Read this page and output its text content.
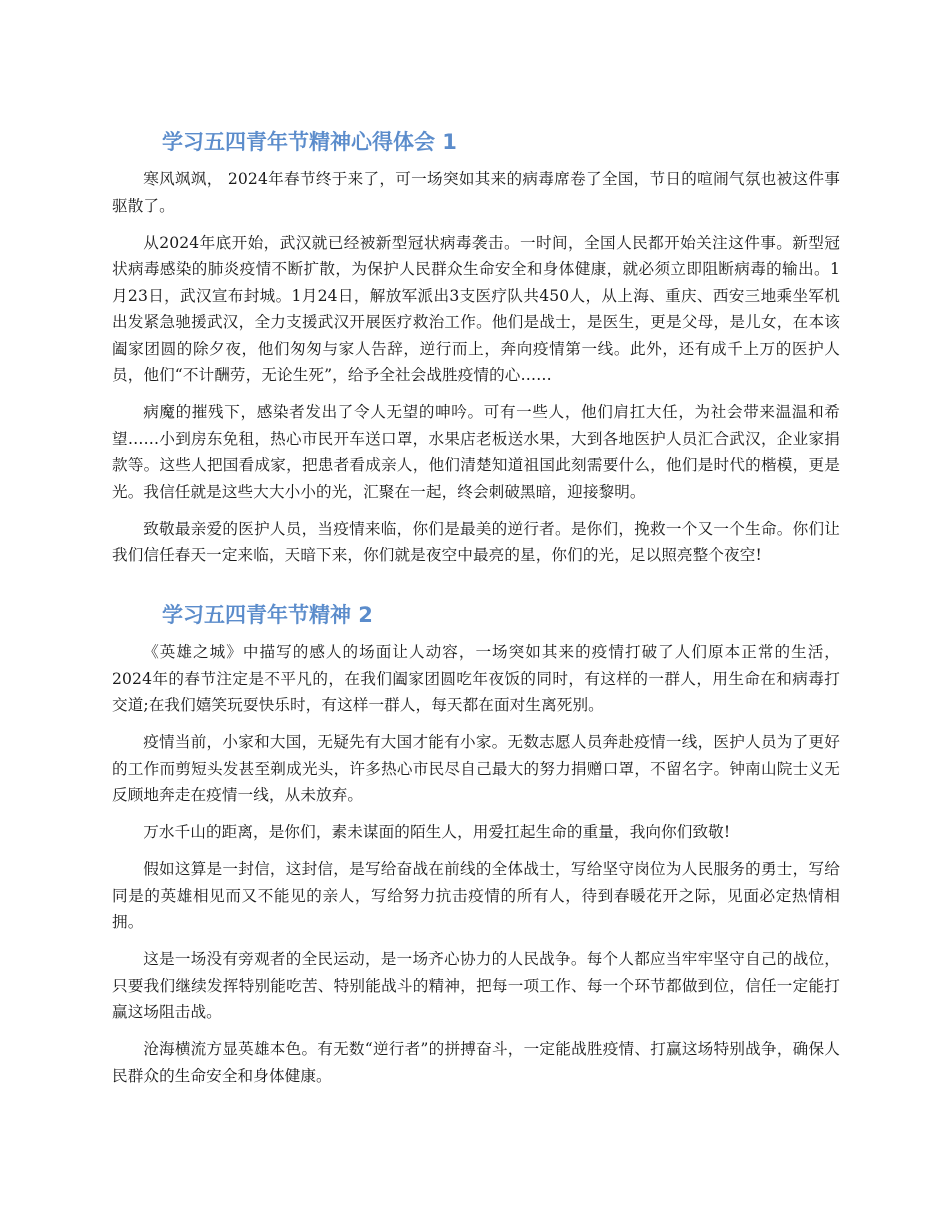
学习五四青年节精神心得体会 1

寒风飒飒， 2024年春节终于来了，可一场突如其来的病毒席卷了全国，节日的喧闹气氛也被这件事驱散了。

从2024年底开始，武汉就已经被新型冠状病毒袭击。一时间，全国人民都开始关注这件事。新型冠状病毒感染的肺炎疫情不断扩散，为保护人民群众生命安全和身体健康，就必须立即阻断病毒的输出。1月23日，武汉宣布封城。1月24日，解放军派出3支医疗队共450人，从上海、重庆、西安三地乘坐军机出发紧急驰援武汉，全力支援武汉开展医疗救治工作。他们是战士，是医生，更是父母，是儿女，在本该阖家团圆的除夕夜，他们匆匆与家人告辞，逆行而上，奔向疫情第一线。此外，还有成千上万的医护人员，他们“不计酬劳，无论生死”，给予全社会战胜疫情的心……

病魔的摧残下，感染者发出了令人无望的呻吟。可有一些人，他们肩扛大任，为社会带来温温和希望……小到房东免租，热心市民开车送口罩，水果店老板送水果，大到各地医护人员汇合武汉，企业家捐款等。这些人把国看成家，把患者看成亲人，他们清楚知道祖国此刻需要什么，他们是时代的楷模，更是光。我信任就是这些大大小小的光，汇聚在一起，终会刺破黑暗，迎接黎明。

致敬最亲爱的医护人员，当疫情来临，你们是最美的逆行者。是你们，挽救一个又一个生命。你们让我们信任春天一定来临，天暗下来，你们就是夜空中最亮的星，你们的光，足以照亮整个夜空!

学习五四青年节精神 2

《英雄之城》中描写的感人的场面让人动容，一场突如其来的疫情打破了人们原本正常的生活，2024年的春节注定是不平凡的，在我们阖家团圆吃年夜饭的同时，有这样的一群人，用生命在和病毒打交道;在我们嬉笑玩耍快乐时，有这样一群人，每天都在面对生离死别。

疫情当前，小家和大国，无疑先有大国才能有小家。无数志愿人员奔赴疫情一线，医护人员为了更好的工作而剪短头发甚至剃成光头，许多热心市民尽自己最大的努力捐赠口罩，不留名字。钟南山院士义无反顾地奔走在疫情一线，从未放弃。

万水千山的距离，是你们，素未谋面的陌生人，用爱扛起生命的重量，我向你们致敬!

假如这算是一封信，这封信，是写给奋战在前线的全体战士，写给坚守岗位为人民服务的勇士，写给同是的英雄相见而又不能见的亲人，写给努力抗击疫情的所有人，待到春暖花开之际，见面必定热情相拥。

这是一场没有旁观者的全民运动，是一场齐心协力的人民战争。每个人都应当牢牢坚守自己的战位，只要我们继续发挥特别能吃苦、特别能战斗的精神，把每一项工作、每一个环节都做到位，信任一定能打赢这场阻击战。

沧海横流方显英雄本色。有无数“逆行者”的拼搏奋斗，一定能战胜疫情、打赢这场特别战争，确保人民群众的生命安全和身体健康。
